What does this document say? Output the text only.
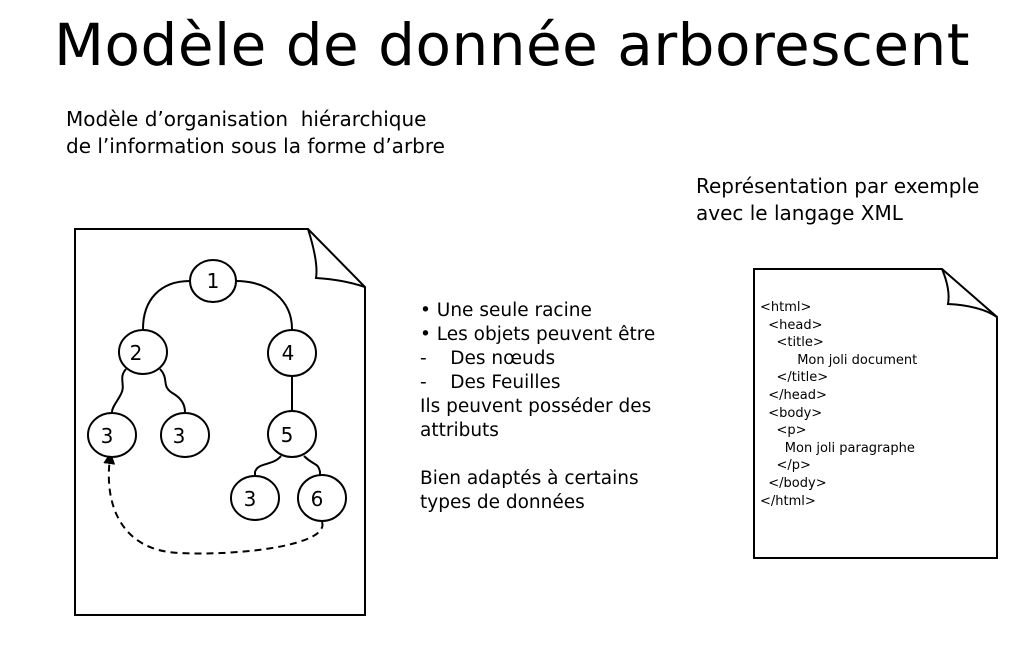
Modèle de donnée arborescent
Modèle d’organisation  hiérarchique
de l’information sous la forme d’arbre
Représentation par exemple
avec le langage XML
1
2	4
3	3	5
3	6
• Une seule racine
• Les objets peuvent être
-    Des nœuds
-    Des Feuilles
Ils peuvent posséder des
attributs
Bien adaptés à certains
types de données
<html>
<head>
<title>
Mon joli document
</title>
</head>
<body>
<p>
Mon joli paragraphe
</p>
</body>
</html>
